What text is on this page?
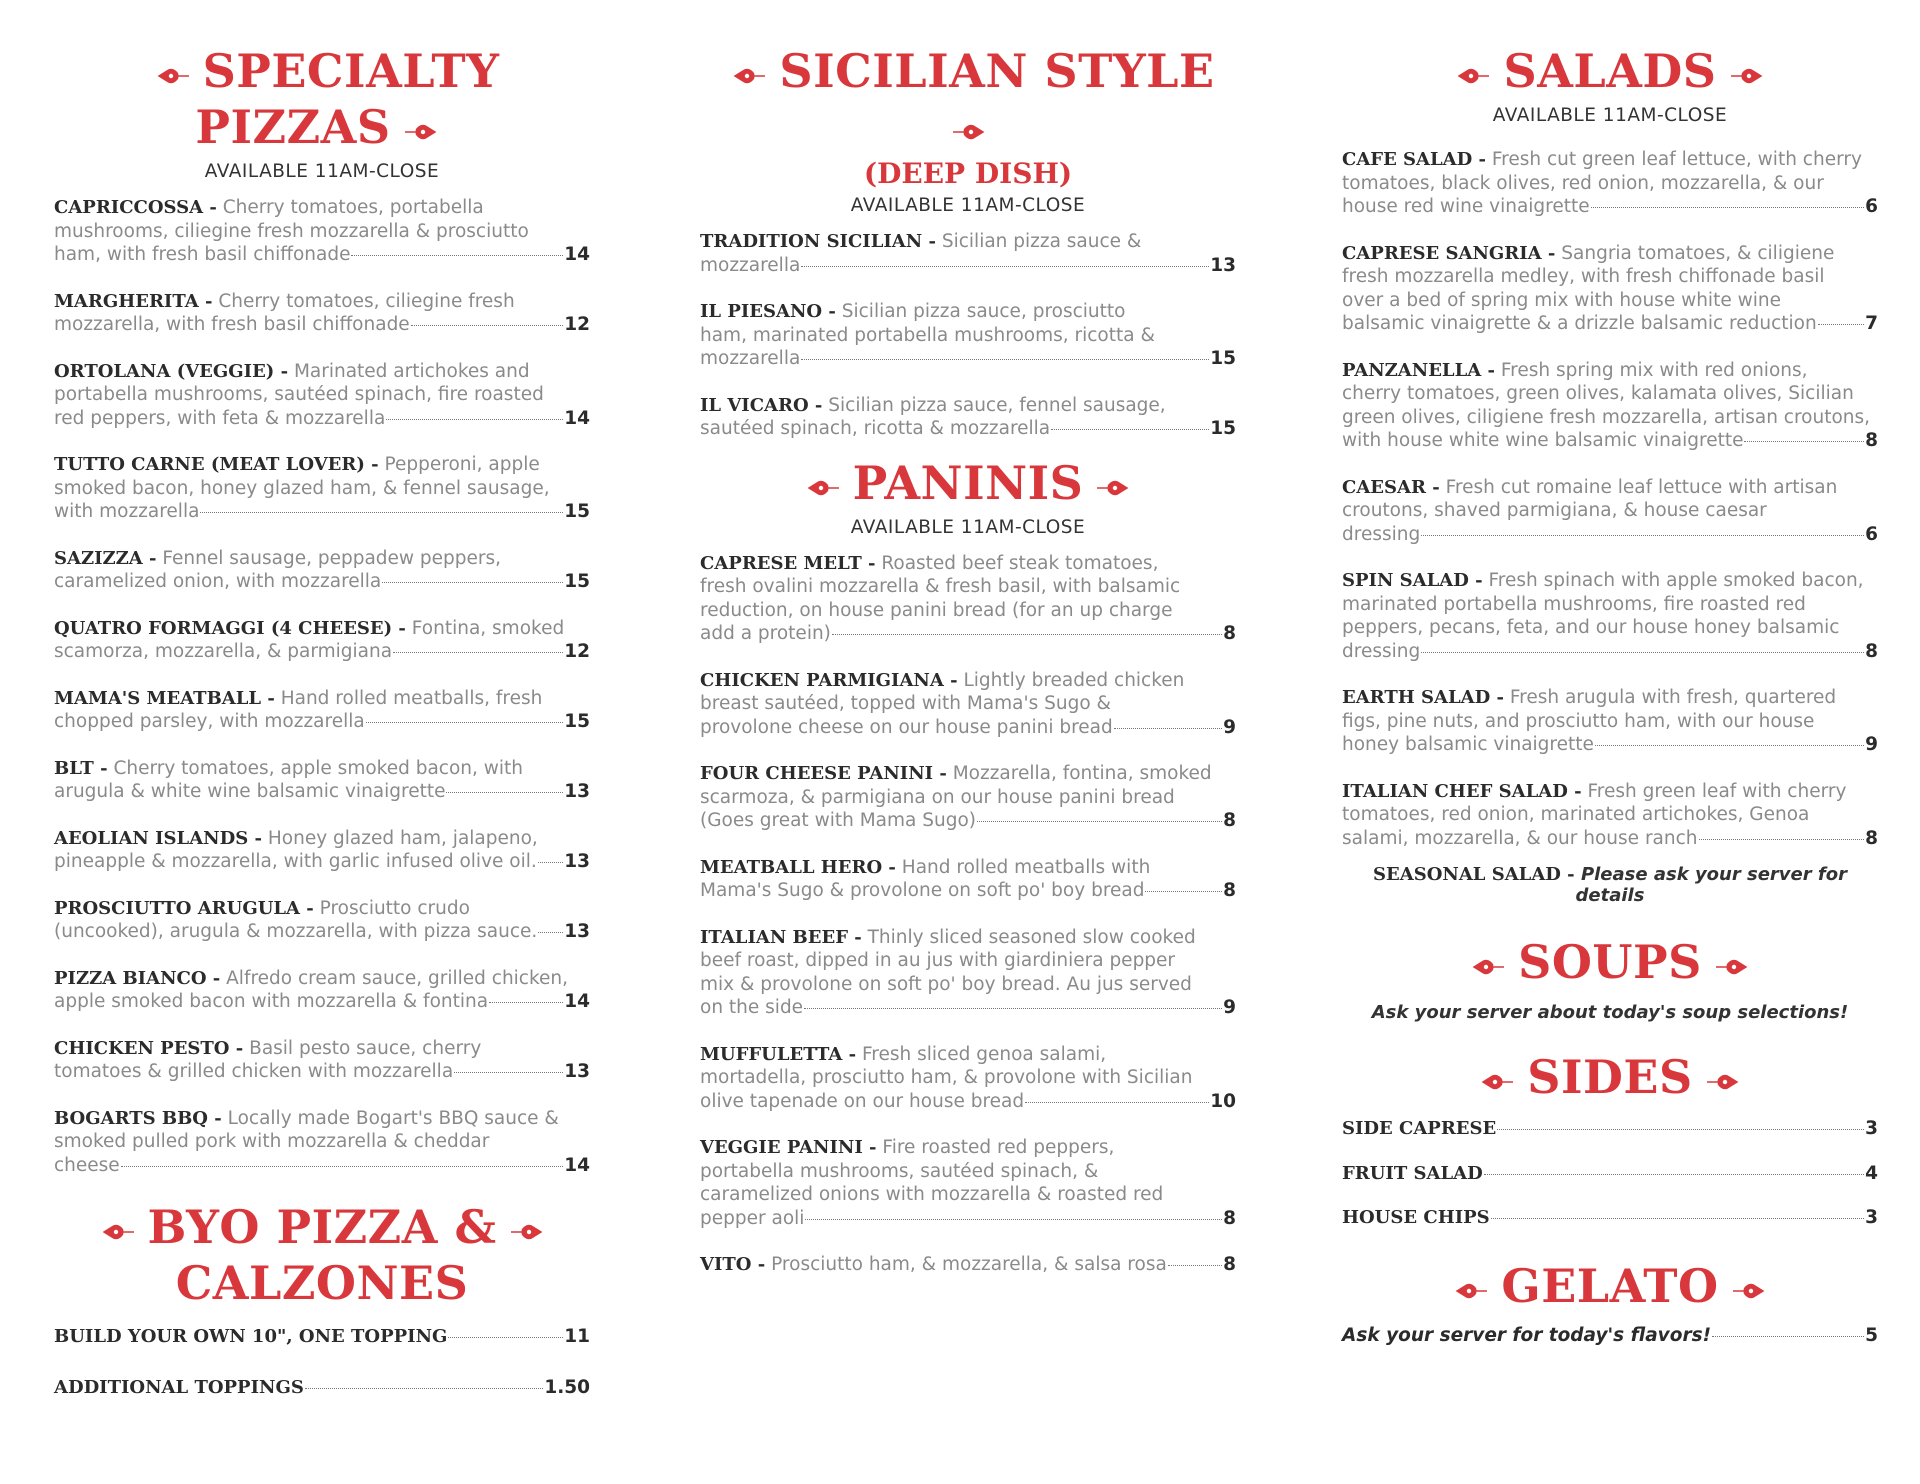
SPECIALTY PIZZAS
AVAILABLE 11AM-CLOSE
CAPRICCOSSA - Cherry tomatoes, portabella
mushrooms, ciliegine fresh mozzarella & prosciutto
ham, with fresh basil chiffonade	14
MARGHERITA - Cherry tomatoes, ciliegine fresh
mozzarella, with fresh basil chiffonade	12
ORTOLANA (VEGGIE) - Marinated artichokes and
portabella mushrooms, sautéed spinach, fire roasted
red peppers, with feta & mozzarella	14
TUTTO CARNE (MEAT LOVER) - Pepperoni, apple
smoked bacon, honey glazed ham, & fennel sausage,
with mozzarella	15
SAZIZZA - Fennel sausage, peppadew peppers,
caramelized onion, with mozzarella	15
QUATRO FORMAGGI (4 CHEESE) - Fontina, smoked
scamorza, mozzarella, & parmigiana	12
MAMA'S MEATBALL - Hand rolled meatballs, fresh
chopped parsley, with mozzarella	15
BLT - Cherry tomatoes, apple smoked bacon, with
arugula & white wine balsamic vinaigrette	13
AEOLIAN ISLANDS - Honey glazed ham, jalapeno,
pineapple & mozzarella, with garlic infused olive oil. 13
PROSCIUTTO ARUGULA - Prosciutto crudo
(uncooked), arugula & mozzarella, with pizza sauce. 13
PIZZA BIANCO - Alfredo cream sauce, grilled chicken,
apple smoked bacon with mozzarella & fontina	14
CHICKEN PESTO - Basil pesto sauce, cherry
tomatoes & grilled chicken with mozzarella	13
BOGARTS BBQ - Locally made Bogart's BBQ sauce &
smoked pulled pork with mozzarella & cheddar
cheese	14
BYO PIZZA &
CALZONES
BUILD YOUR OWN 10", ONE TOPPING	11
ADDITIONAL TOPPINGS	1.50
SICILIAN STYLE
(DEEP DISH)
AVAILABLE 11AM-CLOSE
TRADITION SICILIAN - Sicilian pizza sauce &
mozzarella	13
IL PIESANO - Sicilian pizza sauce, prosciutto
ham, marinated portabella mushrooms, ricotta &
mozzarella	15
IL VICARO - Sicilian pizza sauce, fennel sausage,
sautéed spinach, ricotta & mozzarella	15
PANINIS
AVAILABLE 11AM-CLOSE
CAPRESE MELT - Roasted beef steak tomatoes,
fresh ovalini mozzarella & fresh basil, with balsamic
reduction, on house panini bread (for an up charge
add a protein)	8
CHICKEN PARMIGIANA - Lightly breaded chicken
breast sautéed, topped with Mama's Sugo &
provolone cheese on our house panini bread	9
FOUR CHEESE PANINI - Mozzarella, fontina, smoked
scarmoza, & parmigiana on our house panini bread
(Goes great with Mama Sugo)	8
MEATBALL HERO - Hand rolled meatballs with
Mama's Sugo & provolone on soft po' boy bread	8
ITALIAN BEEF - Thinly sliced seasoned slow cooked
beef roast, dipped in au jus with giardiniera pepper
mix & provolone on soft po' boy bread. Au jus served
on the side	9
MUFFULETTA - Fresh sliced genoa salami,
mortadella, prosciutto ham, & provolone with Sicilian
olive tapenade on our house bread	10
VEGGIE PANINI - Fire roasted red peppers,
portabella mushrooms, sautéed spinach, &
caramelized onions with mozzarella & roasted red
pepper aoli	8
VITO - Prosciutto ham, & mozzarella, & salsa rosa	8
SALADS
AVAILABLE 11AM-CLOSE
CAFE SALAD - Fresh cut green leaf lettuce, with cherry
tomatoes, black olives, red onion, mozzarella, & our
house red wine vinaigrette	6
CAPRESE SANGRIA - Sangria tomatoes, & ciligiene
fresh mozzarella medley, with fresh chiffonade basil
over a bed of spring mix with house white wine
balsamic vinaigrette & a drizzle balsamic reduction	7
PANZANELLA - Fresh spring mix with red onions,
cherry tomatoes, green olives, kalamata olives, Sicilian
green olives, ciligiene fresh mozzarella, artisan croutons,
with house white wine balsamic vinaigrette	8
CAESAR - Fresh cut romaine leaf lettuce with artisan
croutons, shaved parmigiana, & house caesar
dressing	6
SPIN SALAD - Fresh spinach with apple smoked bacon,
marinated portabella mushrooms, fire roasted red
peppers, pecans, feta, and our house honey balsamic
dressing	8
EARTH SALAD - Fresh arugula with fresh, quartered
figs, pine nuts, and prosciutto ham, with our house
honey balsamic vinaigrette	9
ITALIAN CHEF SALAD - Fresh green leaf with cherry
tomatoes, red onion, marinated artichokes, Genoa
salami, mozzarella, & our house ranch	8
SEASONAL SALAD - Please ask your server for details
SOUPS
Ask your server about today's soup selections!
SIDES
SIDE CAPRESE	3
FRUIT SALAD	4
HOUSE CHIPS	3
GELATO
Ask your server for today's flavors!	5
